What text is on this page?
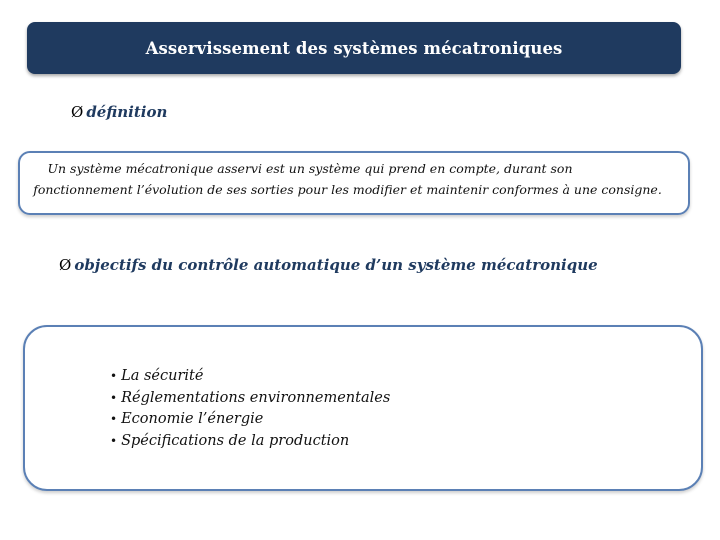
Asservissement des systèmes mécatroniques
Ø définition
Un système mécatronique asservi est un système qui prend en compte, durant son
fonctionnement l’évolution de ses sorties pour les modifier et maintenir conformes à une consigne.
Ø objectifs du contrôle automatique d’un système mécatronique
• La sécurité
• Réglementations environnementales
• Economie l’énergie
• Spécifications de la production
